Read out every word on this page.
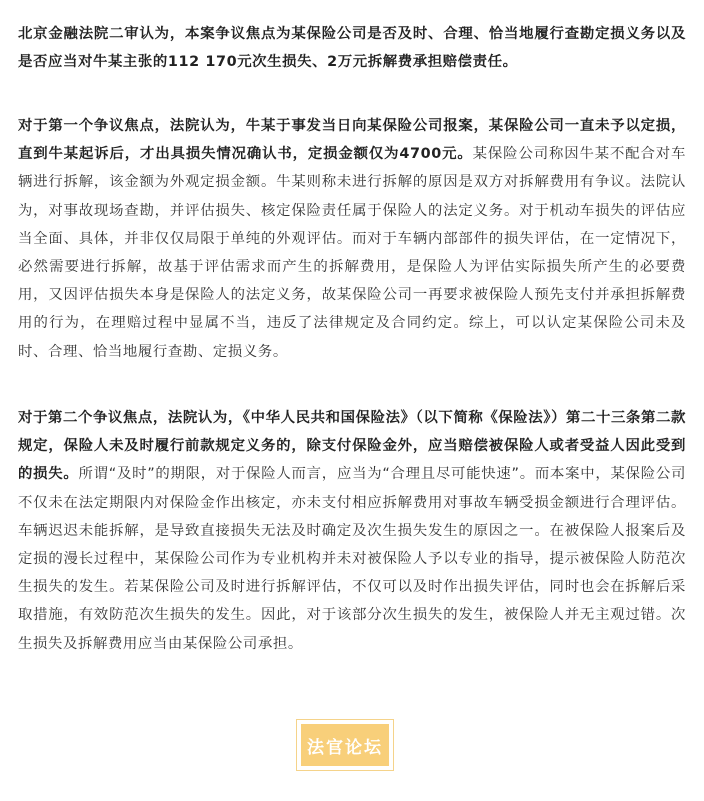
北京金融法院二审认为，本案争议焦点为某保险公司是否及时、合理、恰当地履行查勘定损义务以及是否应当对牛某主张的112 170元次生损失、2万元拆解费承担赔偿责任。

对于第一个争议焦点，法院认为，牛某于事发当日向某保险公司报案，某保险公司一直未予以定损，直到牛某起诉后，才出具损失情况确认书，定损金额仅为4700元。某保险公司称因牛某不配合对车辆进行拆解，该金额为外观定损金额。牛某则称未进行拆解的原因是双方对拆解费用有争议。法院认为，对事故现场查勘，并评估损失、核定保险责任属于保险人的法定义务。对于机动车损失的评估应当全面、具体，并非仅仅局限于单纯的外观评估。而对于车辆内部部件的损失评估，在一定情况下，必然需要进行拆解，故基于评估需求而产生的拆解费用，是保险人为评估实际损失所产生的必要费用，又因评估损失本身是保险人的法定义务，故某保险公司一再要求被保险人预先支付并承担拆解费用的行为，在理赔过程中显属不当，违反了法律规定及合同约定。综上，可以认定某保险公司未及时、合理、恰当地履行查勘、定损义务。

对于第二个争议焦点，法院认为，《中华人民共和国保险法》（以下简称《保险法》）第二十三条第二款规定，保险人未及时履行前款规定义务的，除支付保险金外，应当赔偿被保险人或者受益人因此受到的损失。所谓“及时”的期限，对于保险人而言，应当为“合理且尽可能快速”。而本案中，某保险公司不仅未在法定期限内对保险金作出核定，亦未支付相应拆解费用对事故车辆受损金额进行合理评估。车辆迟迟未能拆解，是导致直接损失无法及时确定及次生损失发生的原因之一。在被保险人报案后及定损的漫长过程中，某保险公司作为专业机构并未对被保险人予以专业的指导，提示被保险人防范次生损失的发生。若某保险公司及时进行拆解评估，不仅可以及时作出损失评估，同时也会在拆解后采取措施，有效防范次生损失的发生。因此，对于该部分次生损失的发生，被保险人并无主观过错。次生损失及拆解费用应当由某保险公司承担。

法官论坛
